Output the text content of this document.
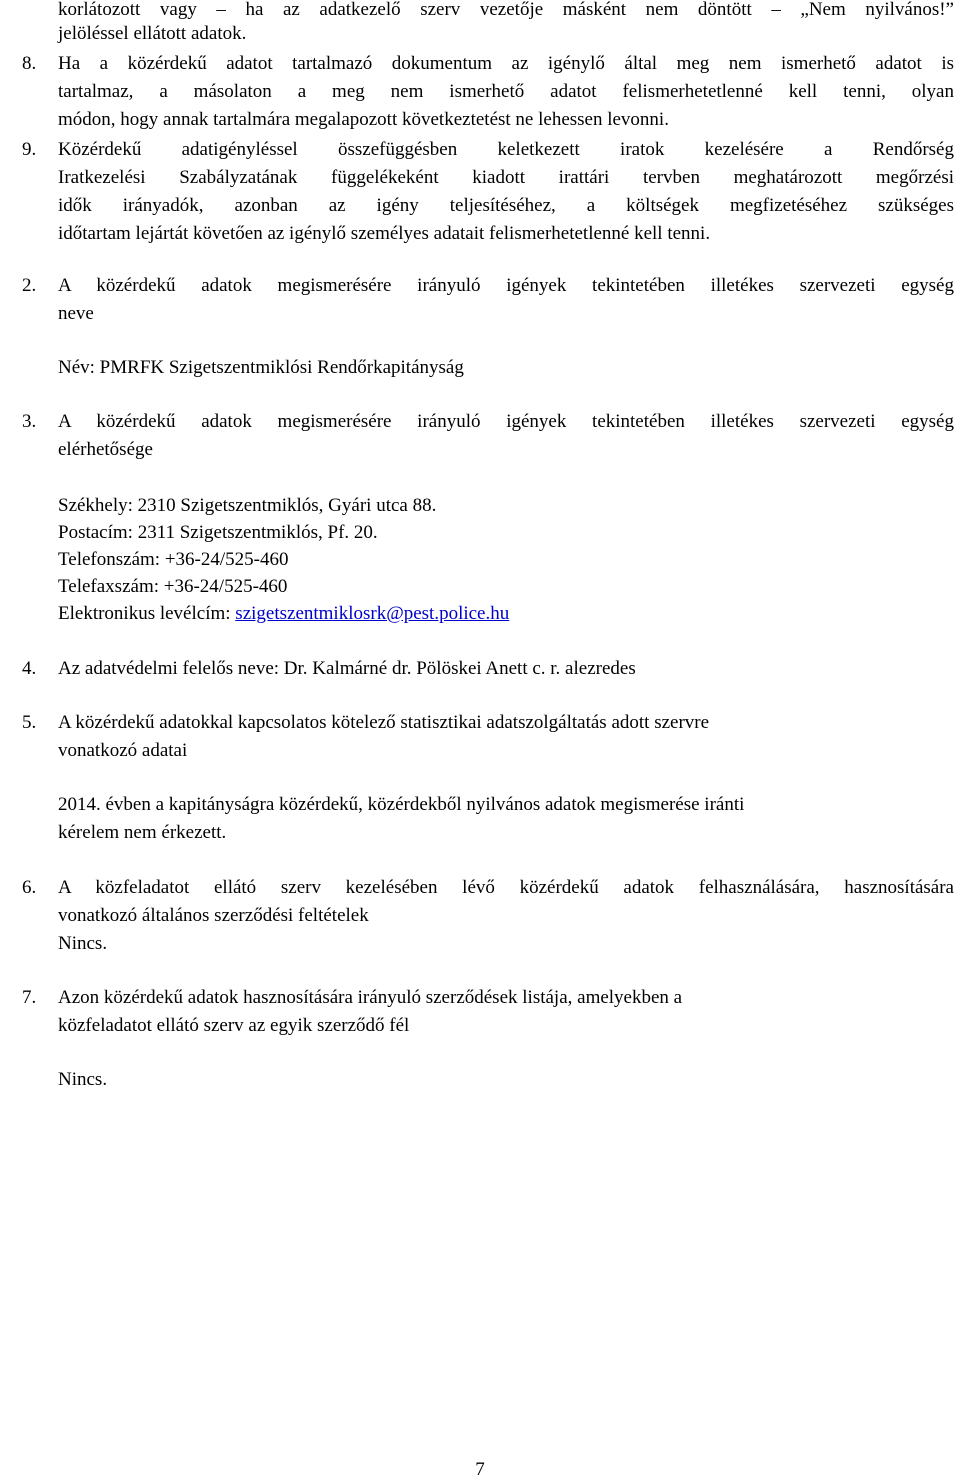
korlátozott vagy – ha az adatkezelő szerv vezetője másként nem döntött – „Nem nyilvános!”
jelöléssel ellátott adatok.
8. Ha a közérdekű adatot tartalmazó dokumentum az igénylő által meg nem ismerhető adatot is
tartalmaz, a másolaton a meg nem ismerhető adatot felismerhetetlenné kell tenni, olyan
módon, hogy annak tartalmára megalapozott következtetést ne lehessen levonni.
9. Közérdekű adatigényléssel összefüggésben keletkezett iratok kezelésére a Rendőrség
Iratkezelési Szabályzatának függelékeként kiadott irattári tervben meghatározott megőrzési
idők irányadók, azonban az igény teljesítéséhez, a költségek megfizetéséhez szükséges
időtartam lejártát követően az igénylő személyes adatait felismerhetetlenné kell tenni.
2. A közérdekű adatok megismerésére irányuló igények tekintetében illetékes szervezeti egység
neve
Név: PMRFK Szigetszentmiklósi Rendőrkapitányság
3. A közérdekű adatok megismerésére irányuló igények tekintetében illetékes szervezeti egység
elérhetősége
Székhely: 2310 Szigetszentmiklós, Gyári utca 88.
Postacím: 2311 Szigetszentmiklós, Pf. 20.
Telefonszám: +36-24/525-460
Telefaxszám: +36-24/525-460
Elektronikus levélcím: szigetszentmiklosrk@pest.police.hu
4. Az adatvédelmi felelős neve: Dr. Kalmárné dr. Pölöskei Anett c. r. alezredes
5. A közérdekű adatokkal kapcsolatos kötelező statisztikai adatszolgáltatás adott szervre
vonatkozó adatai
2014. évben a kapitányságra közérdekű, közérdekből nyilvános adatok megismerése iránti
kérelem nem érkezett.
6. A közfeladatot ellátó szerv kezelésében lévő közérdekű adatok felhasználására, hasznosítására
vonatkozó általános szerződési feltételek
Nincs.
7. Azon közérdekű adatok hasznosítására irányuló szerződések listája, amelyekben a
közfeladatot ellátó szerv az egyik szerződő fél
Nincs.
7
